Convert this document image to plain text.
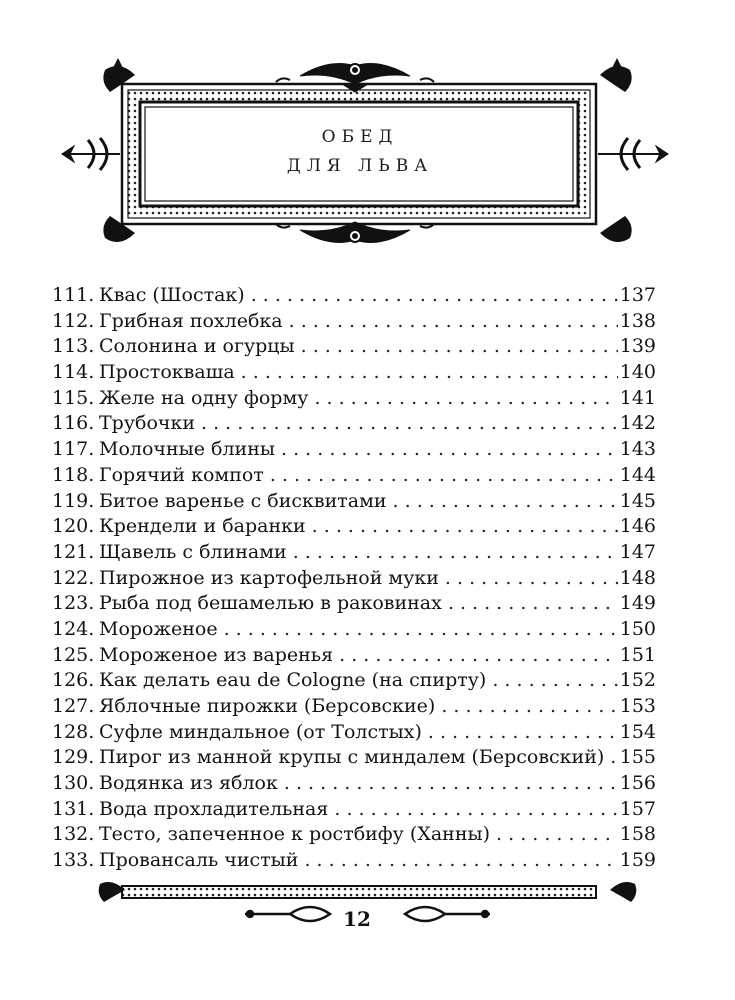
ОБЕД
ДЛЯ ЛЬВА
111. Квас (Шостак) . . .	137
112. Грибная похлебка . . .	138
113. Солонина и огурцы . . .	139
114. Простокваша . . .	140
115. Желе на одну форму . . .	141
116. Трубочки . . .	142
117. Молочные блины . . .	143
118. Горячий компот . . .	144
119. Битое варенье с бисквитами . . .	145
120. Крендели и баранки . . .	146
121. Щавель с блинами . . .	147
122. Пирожное из картофельной муки . . .	148
123. Рыба под бешамелью в раковинах . . .	149
124. Мороженое . . .	150
125. Мороженое из варенья . . .	151
126. Как делать eau de Cologne (на спирту) . . .	152
127. Яблочные пирожки (Берсовские) . . .	153
128. Суфле миндальное (от Толстых) . . .	154
129. Пирог из манной крупы с миндалем (Берсовский) . . . 155
130. Водянка из яблок . . .	156
131. Вода прохладительная . . .	157
132. Тесто, запеченное к ростбифу (Ханны) . . .	158
133. Провансаль чистый . . .	159
12
